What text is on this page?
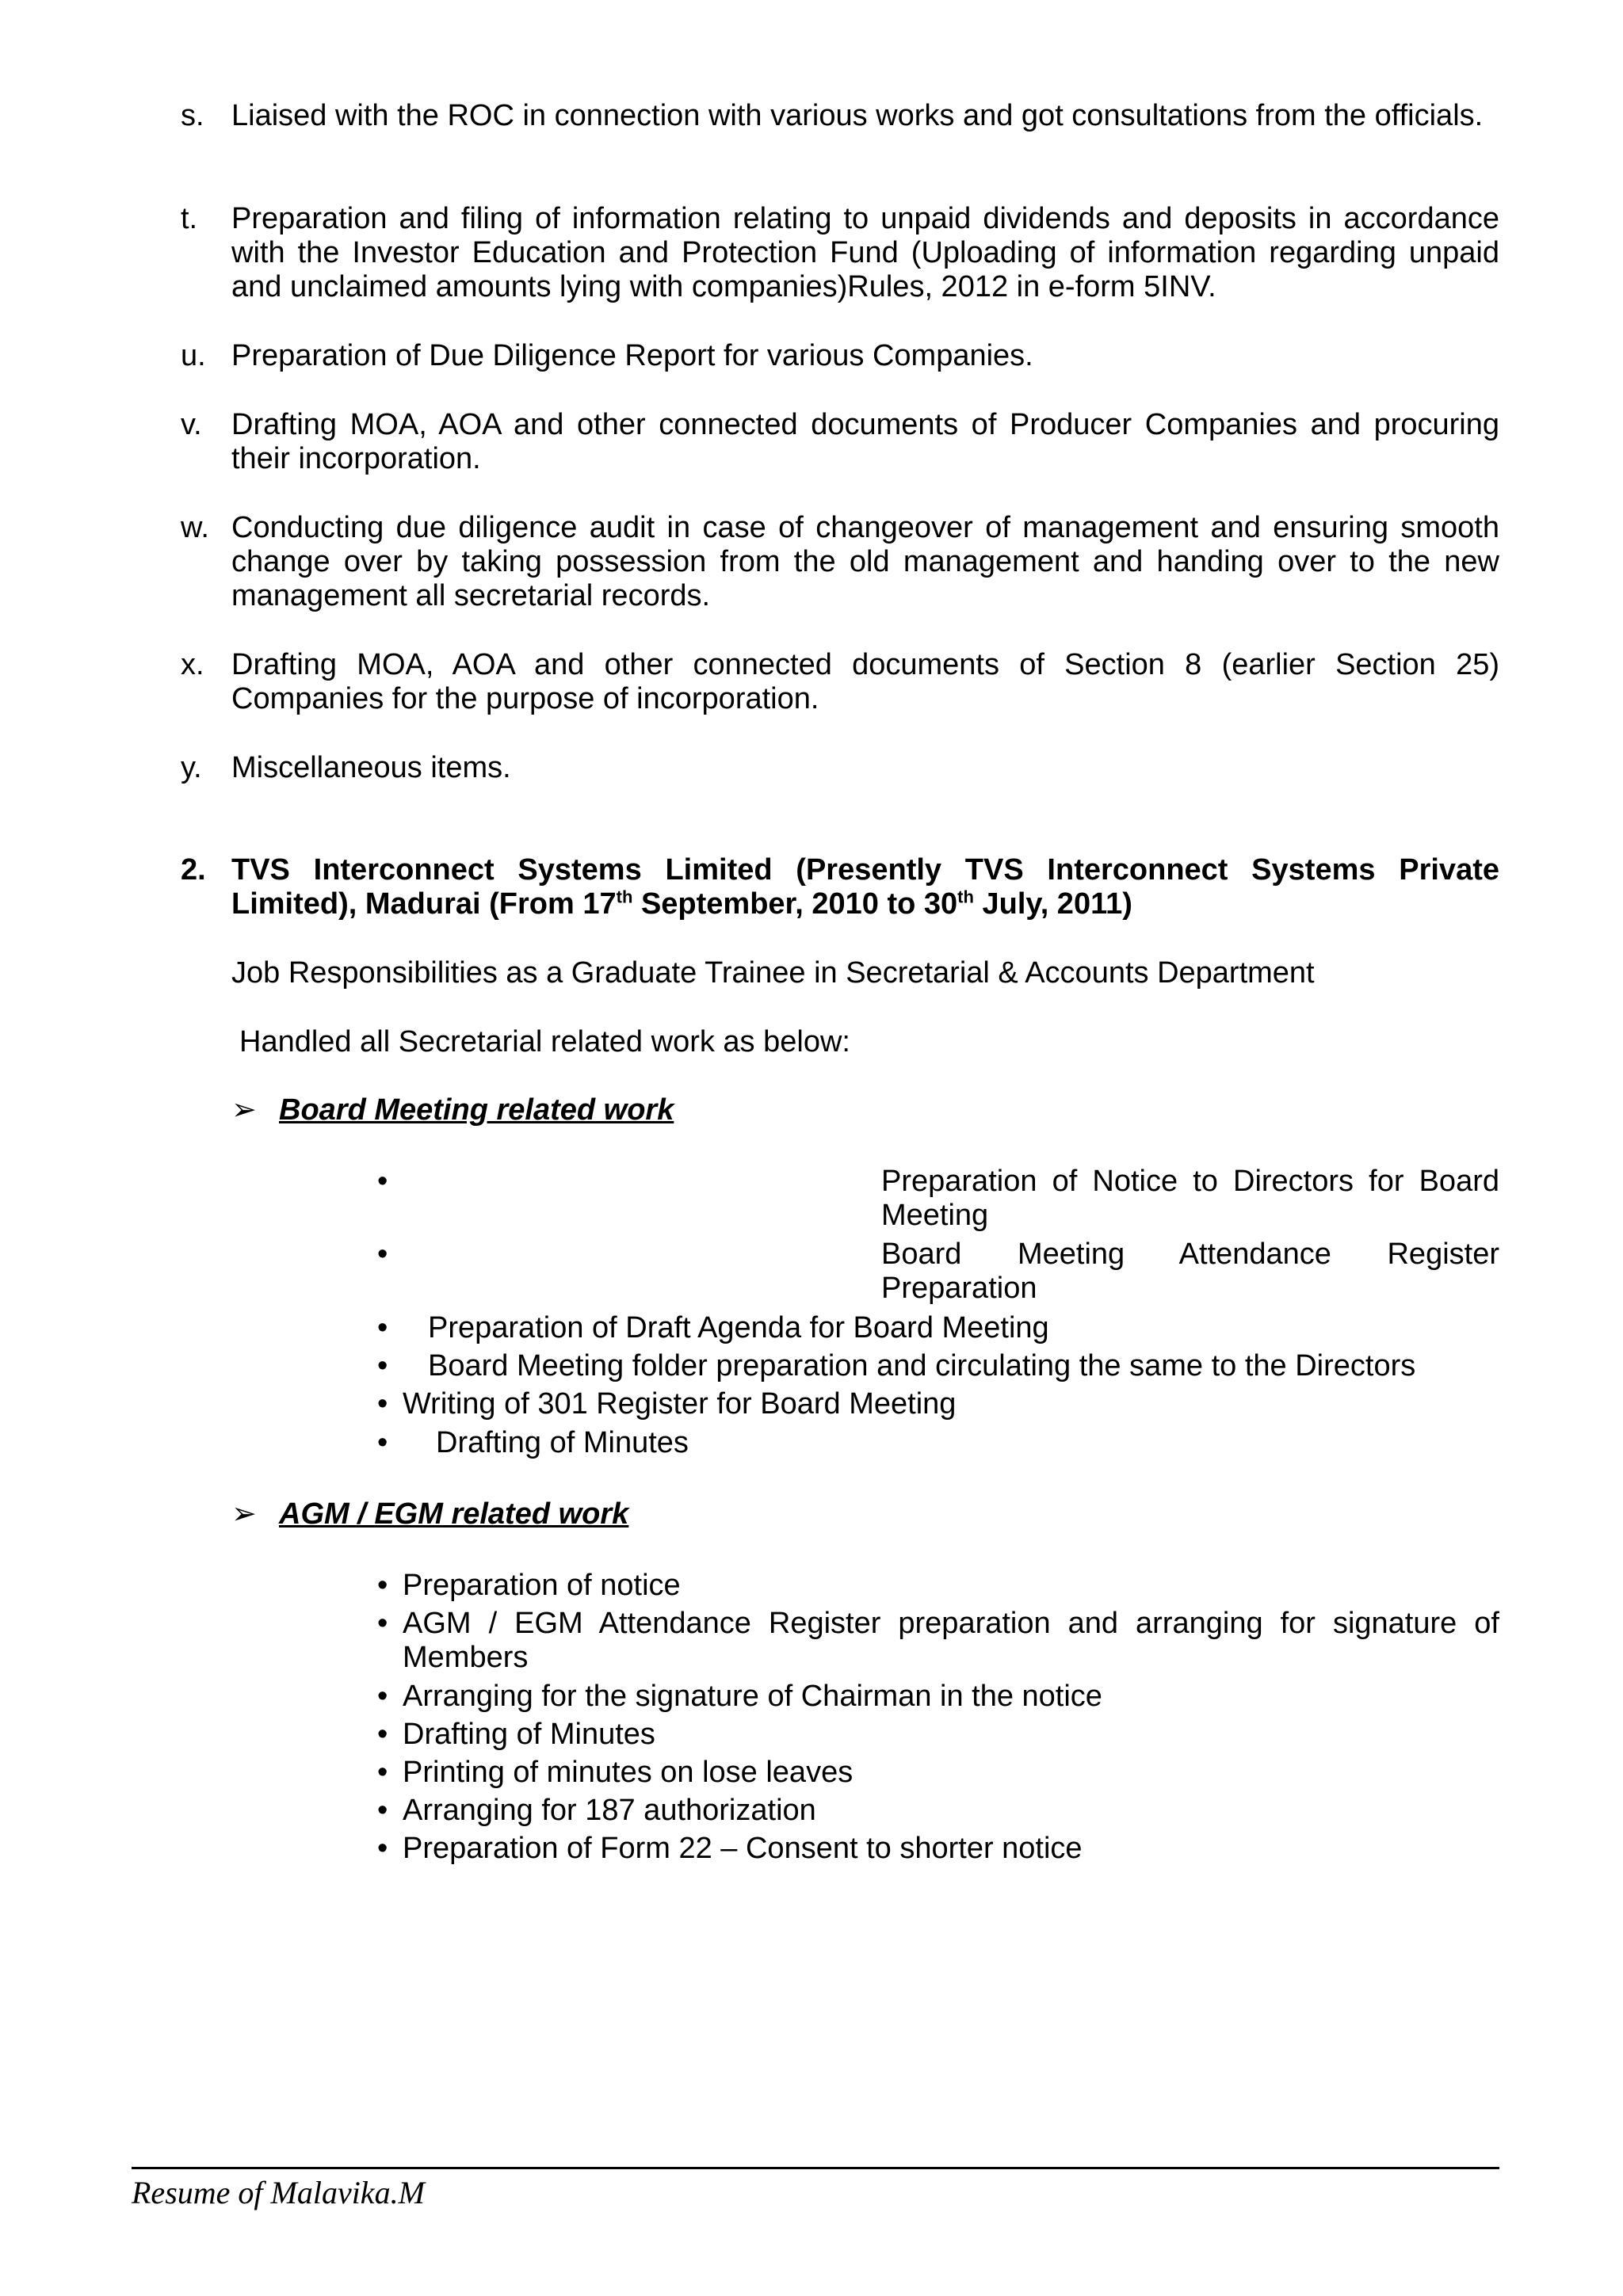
s. Liaised with the ROC in connection with various works and got consultations from the officials.
t.	Preparation and filing of information relating to unpaid dividends and deposits in accordance with the Investor Education and Protection Fund (Uploading of information regarding unpaid and unclaimed amounts lying with companies)Rules, 2012 in e-form 5INV.
u. Preparation of Due Diligence Report for various Companies.
v. Drafting MOA, AOA and other connected documents of Producer Companies and procuring their incorporation.
w. Conducting due diligence audit in case of changeover of management and ensuring smooth change over by taking possession from the old management and handing over to the new management all secretarial records.
x. Drafting MOA, AOA and other connected documents of Section 8 (earlier Section 25) Companies for the purpose of incorporation.
y. Miscellaneous items.
2. TVS Interconnect Systems Limited (Presently TVS Interconnect Systems Private Limited), Madurai (From 17th September, 2010 to 30th July, 2011)
Job Responsibilities as a Graduate Trainee in Secretarial & Accounts Department
Handled all Secretarial related work as below:
➢ Board Meeting related work
•	Preparation of Notice to Directors for Board Meeting
•	Board Meeting Attendance Register Preparation
• Preparation of Draft Agenda for Board Meeting
• Board Meeting folder preparation and circulating the same to the Directors
• Writing of 301 Register for Board Meeting
• Drafting of Minutes
➢ AGM / EGM related work
• Preparation of notice
• AGM / EGM Attendance Register preparation and arranging for signature of Members
• Arranging for the signature of Chairman in the notice
• Drafting of Minutes
• Printing of minutes on lose leaves
• Arranging for 187 authorization
• Preparation of Form 22 – Consent to shorter notice
Resume of Malavika.M
